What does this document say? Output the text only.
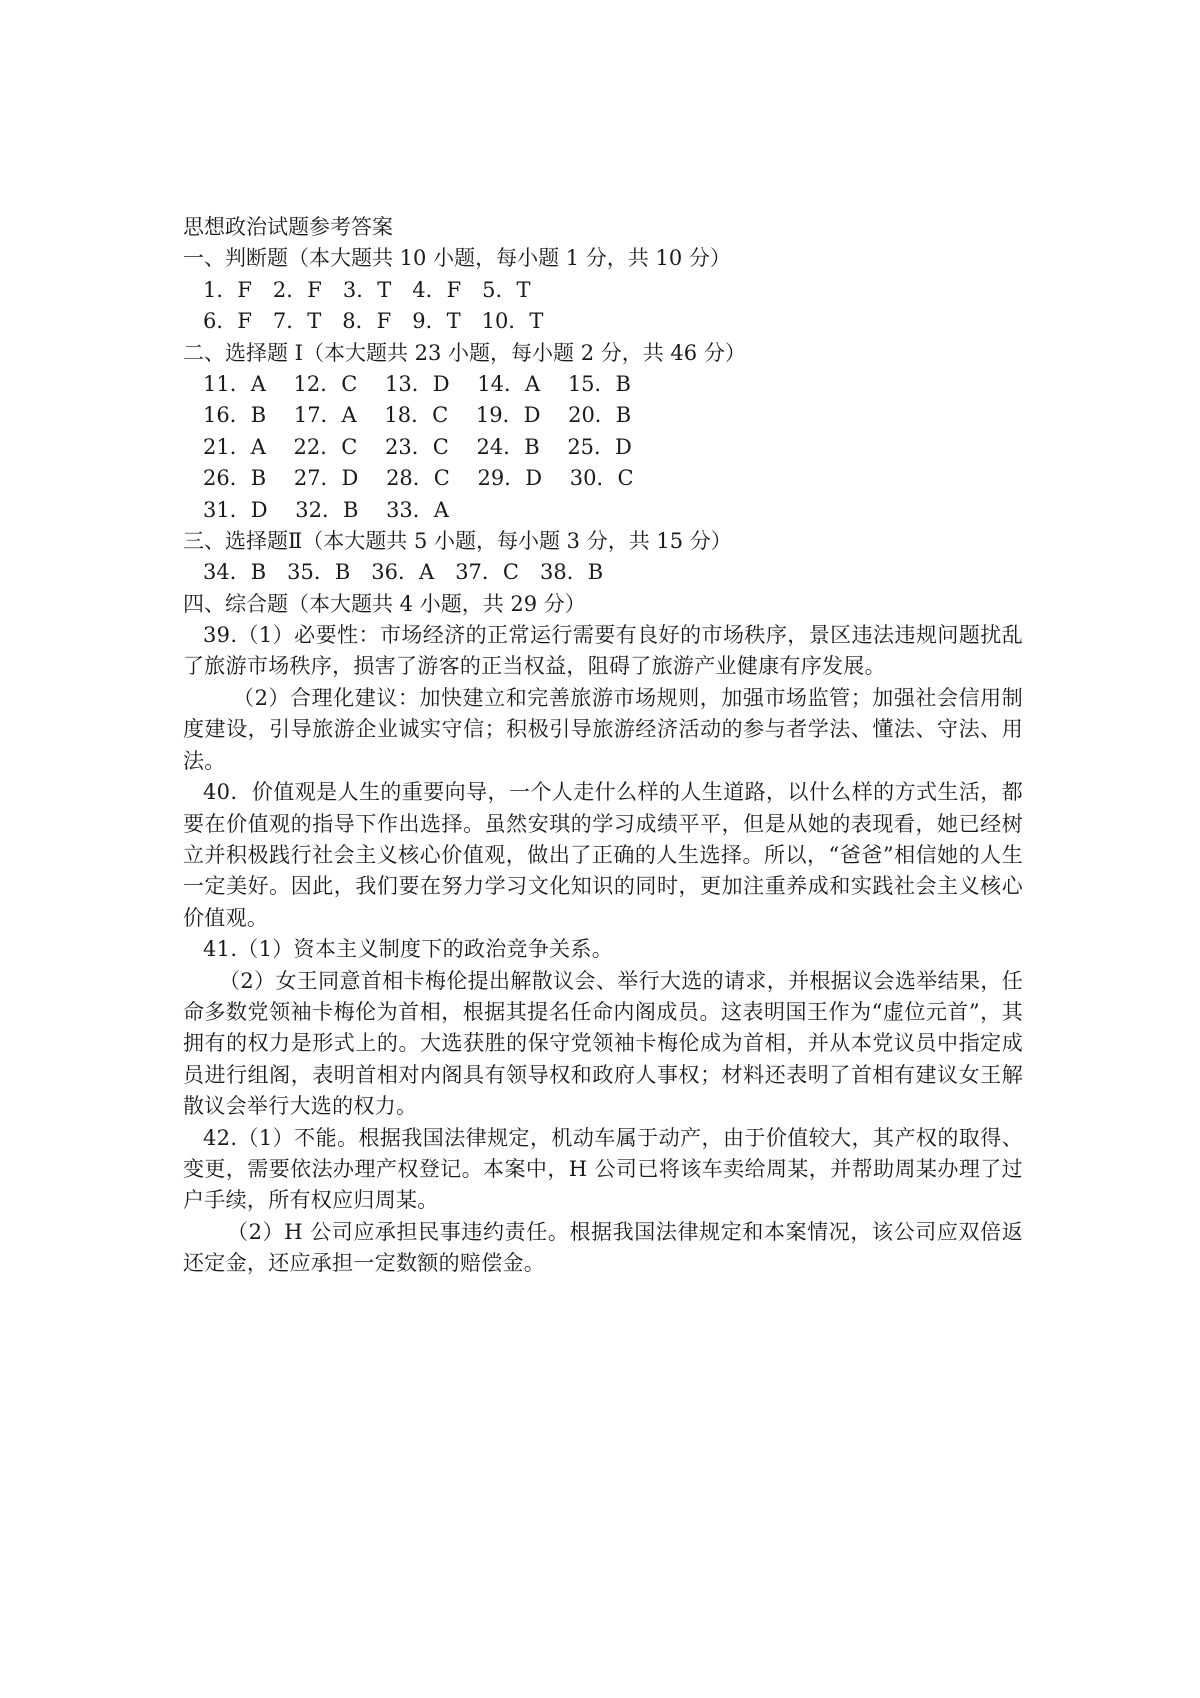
思想政治试题参考答案
一、判断题（本大题共 10 小题，每小题 1 分，共 10 分）
1．F　2．F　3．T　4．F　5．T
6．F　7．T　8．F　9．T　10．T
二、选择题 I（本大题共 23 小题，每小题 2 分，共 46 分）
11．A　 12．C　 13．D　 14．A　 15．B
16．B　 17．A　 18．C　 19．D　 20．B
21．A　 22．C　 23．C　 24．B　 25．D
26．B　 27．D　 28．C　 29．D　 30．C
31．D　 32．B　 33．A
三、选择题Ⅱ（本大题共 5 小题，每小题 3 分，共 15 分）
34．B　35．B　36．A　37．C　38．B
四、综合题（本大题共 4 小题，共 29 分）
39.（1）必要性：市场经济的正常运行需要有良好的市场秩序，景区违法违规问题扰乱了旅游市场秩序，损害了游客的正当权益，阻碍了旅游产业健康有序发展。
（2）合理化建议：加快建立和完善旅游市场规则，加强市场监管；加强社会信用制度建设，引导旅游企业诚实守信；积极引导旅游经济活动的参与者学法、懂法、守法、用法。
40．价值观是人生的重要向导，一个人走什么样的人生道路，以什么样的方式生活，都要在价值观的指导下作出选择。虽然安琪的学习成绩平平，但是从她的表现看，她已经树立并积极践行社会主义核心价值观，做出了正确的人生选择。所以，“爸爸”相信她的人生一定美好。因此，我们要在努力学习文化知识的同时，更加注重养成和实践社会主义核心价值观。
41.（1）资本主义制度下的政治竞争关系。
（2）女王同意首相卡梅伦提出解散议会、举行大选的请求，并根据议会选举结果，任命多数党领袖卡梅伦为首相，根据其提名任命内阁成员。这表明国王作为“虚位元首”，其拥有的权力是形式上的。大选获胜的保守党领袖卡梅伦成为首相，并从本党议员中指定成员进行组阁，表明首相对内阁具有领导权和政府人事权；材料还表明了首相有建议女王解散议会举行大选的权力。
42.（1）不能。根据我国法律规定，机动车属于动产，由于价值较大，其产权的取得、变更，需要依法办理产权登记。本案中，H 公司已将该车卖给周某，并帮助周某办理了过户手续，所有权应归周某。
（2）H 公司应承担民事违约责任。根据我国法律规定和本案情况，该公司应双倍返还定金，还应承担一定数额的赔偿金。
